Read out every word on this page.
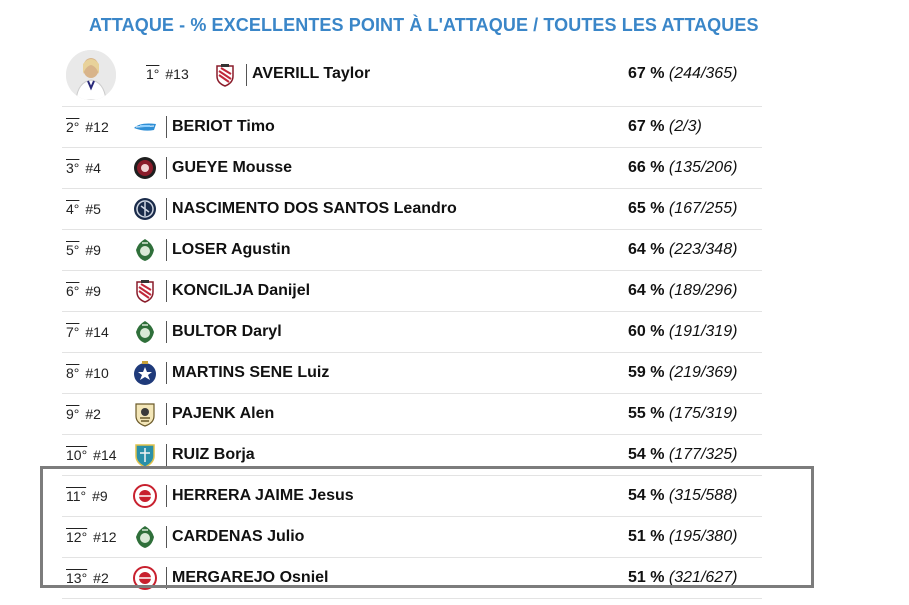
ATTAQUE - % EXCELLENTES POINT À L'ATTAQUE / TOUTES LES ATTAQUES
1° #13	AVERILL Taylor	67 % (244/365)
2° #12	BERIOT Timo	67 % (2/3)
3° #4	GUEYE Mousse	66 % (135/206)
4° #5	NASCIMENTO DOS SANTOS Leandro	65 % (167/255)
5° #9	LOSER Agustin	64 % (223/348)
6° #9	KONCILJA Danijel	64 % (189/296)
7° #14	BULTOR Daryl	60 % (191/319)
8° #10	MARTINS SENE Luiz	59 % (219/369)
9° #2	PAJENK Alen	55 % (175/319)
10° #14	RUIZ Borja	54 % (177/325)
11° #9	HERRERA JAIME Jesus	54 % (315/588)
12° #12	CARDENAS Julio	51 % (195/380)
13° #2	MERGAREJO Osniel	51 % (321/627)
